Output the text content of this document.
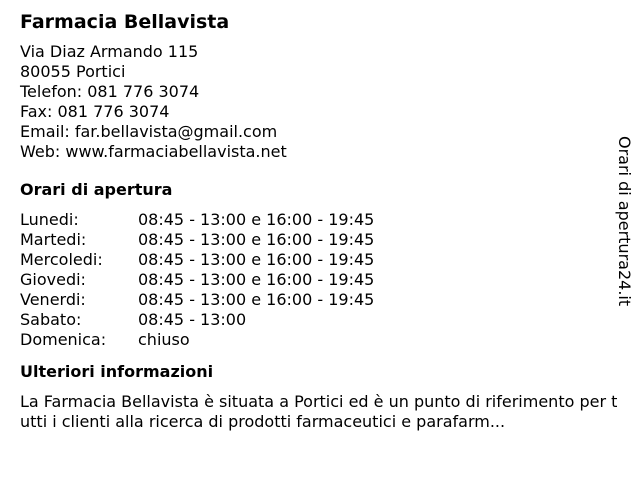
Farmacia Bellavista
Via Diaz Armando 115
80055 Portici
Telefon: 081 776 3074
Fax: 081 776 3074
Email: far.bellavista@gmail.com
Web: www.farmaciabellavista.net
Orari di apertura
Lunedi:	08:45 - 13:00 e 16:00 - 19:45
Martedi:	08:45 - 13:00 e 16:00 - 19:45
Mercoledi:	08:45 - 13:00 e 16:00 - 19:45
Giovedi:	08:45 - 13:00 e 16:00 - 19:45
Venerdi:	08:45 - 13:00 e 16:00 - 19:45
Sabato:	08:45 - 13:00
Domenica:	chiuso
Ulteriori informazioni
La Farmacia Bellavista è situata a Portici ed è un punto di riferimento per tutti i clienti alla ricerca di prodotti farmaceutici e parafarm...
Orari di apertura24.it
